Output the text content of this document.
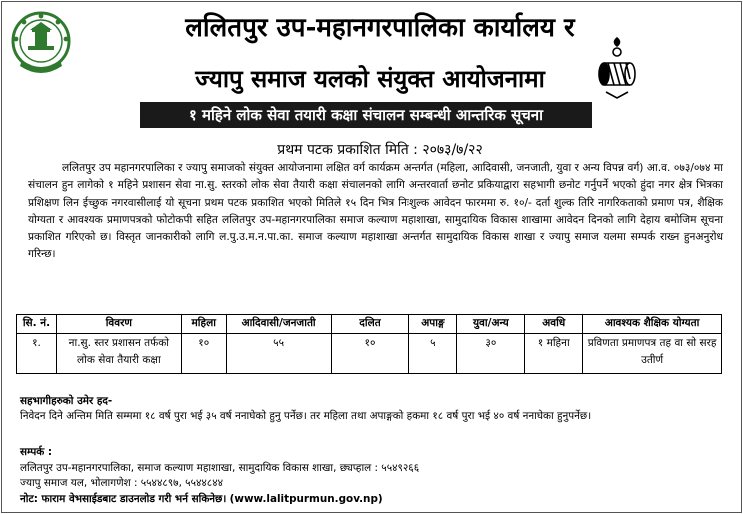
ललितपुर उप-महानगरपालिका कार्यालय र
ज्यापु समाज यलको संयुक्त आयोजनामा
१ महिने लोक सेवा तयारी कक्षा संचालन सम्बन्धी आन्तरिक सूचना
प्रथम पटक प्रकाशित मिति : २०७३/७/२२

ललितपुर उप महानगरपालिका र ज्यापु समाजको संयुक्त आयोजनामा लक्षित वर्ग कार्यक्रम अन्तर्गत (महिला, आदिवासी, जनजाती, युवा र अन्य विपन्न वर्ग) आ.व. ०७३/०७४ मा संचालन हुन लागेको १ महिने प्रशासन सेवा ना.सु. स्तरको लोक सेवा तैयारी कक्षा संचालनको लागि अन्तरवार्ता छनोट प्रकियाद्वारा सहभागी छनोट गर्नुपर्ने भएको हुंदा नगर क्षेत्र भित्रका प्रशिक्षण लिन ईच्छुक नगरवासीलाई यो सूचना प्रथम पटक प्रकाशित भएको मितिले १५ दिन भित्र निःशुल्क आवेदन फारममा रु. १०/- दर्ता शुल्क तिरि नागरिकताको प्रमाण पत्र, शैक्षिक योग्यता र आवश्यक प्रमाणपत्रको फोटोकपी सहित ललितपुर उप-महानगरपालिका समाज कल्याण महाशाखा, सामुदायिक विकास शाखामा आवेदन दिनको लागि देहाय बमोजिम सूचना प्रकाशित गरिएको छ। विस्तृत जानकारीको लागि ल.पु.उ.म.न.पा.का. समाज कल्याण महाशाखा अन्तर्गत सामुदायिक विकास शाखा र ज्यापु समाज यलमा सम्पर्क राख्न हुनअनुरोध गरिन्छ।

सि. नं.	विवरण	महिला	आदिवासी/जनजाती	दलित	अपाङ्ग	युवा/अन्य	अवधि	आवश्यक शैक्षिक योग्यता
१.	ना.सु. स्तर प्रशासन तर्फको लोक सेवा तैयारी कक्षा	१०	५५	१०	५	३०	१ महिना	प्रविणता प्रमाणपत्र तह वा सो सरह उतीर्ण
सहभागीहरुको उमेर हद-
निवेदन दिने अन्तिम मिति सम्ममा १८ वर्ष पुरा भई ३५ वर्ष ननाघेको हुनु पर्नेछ। तर महिला तथा अपाङ्गको हकमा १८ वर्ष पुरा भई ४० वर्ष ननाघेका हुनुपर्नेछ।
सम्पर्क :
ललितपुर उप-महानगरपालिका, समाज कल्याण महाशाखा, सामुदायिक विकास शाखा, छ्यप्हाल : ५५४९२६६
ज्यापु समाज यल, भोलागणेश : ५५४४८९७, ५५४४८४४
नोट: फाराम वेभसाईडबाट डाउनलोड गरी भर्न सकिनेछ। (www.lalitpurmun.gov.np)
